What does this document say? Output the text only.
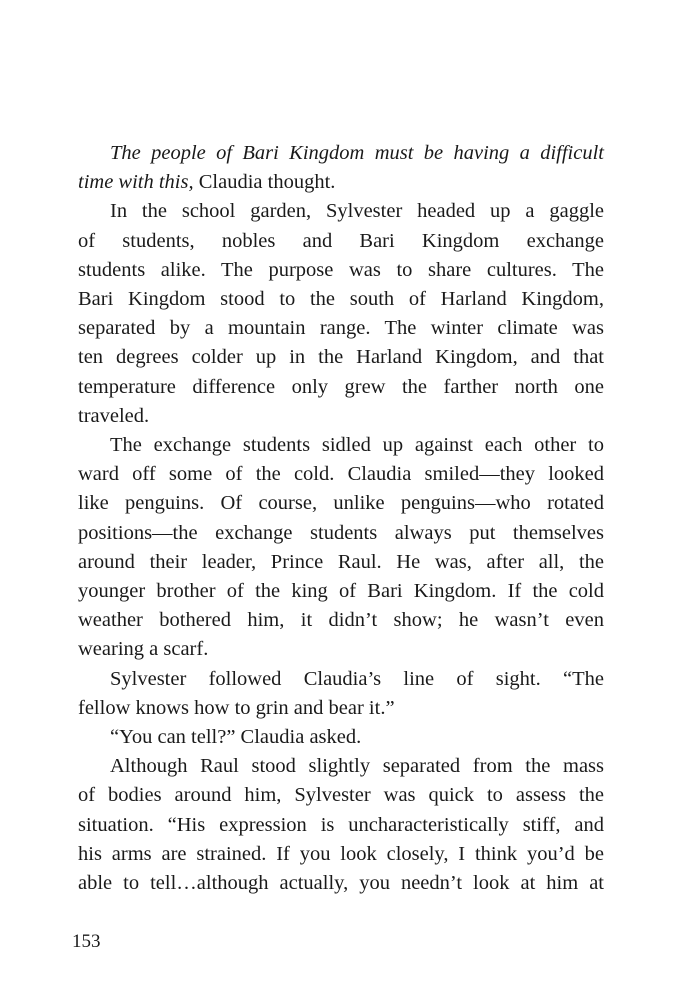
The people of Bari Kingdom must be having a difficult
time with this, Claudia thought.
In the school garden, Sylvester headed up a gaggle
of students, nobles and Bari Kingdom exchange
students alike. The purpose was to share cultures. The
Bari Kingdom stood to the south of Harland Kingdom,
separated by a mountain range. The winter climate was
ten degrees colder up in the Harland Kingdom, and that
temperature difference only grew the farther north one
traveled.
The exchange students sidled up against each other to
ward off some of the cold. Claudia smiled—they looked
like penguins. Of course, unlike penguins—who rotated
positions—the exchange students always put themselves
around their leader, Prince Raul. He was, after all, the
younger brother of the king of Bari Kingdom. If the cold
weather bothered him, it didn’t show; he wasn’t even
wearing a scarf.
Sylvester followed Claudia’s line of sight. “The
fellow knows how to grin and bear it.”
“You can tell?” Claudia asked.
Although Raul stood slightly separated from the mass
of bodies around him, Sylvester was quick to assess the
situation. “His expression is uncharacteristically stiff, and
his arms are strained. If you look closely, I think you’d be
able to tell…although actually, you needn’t look at him at
153
